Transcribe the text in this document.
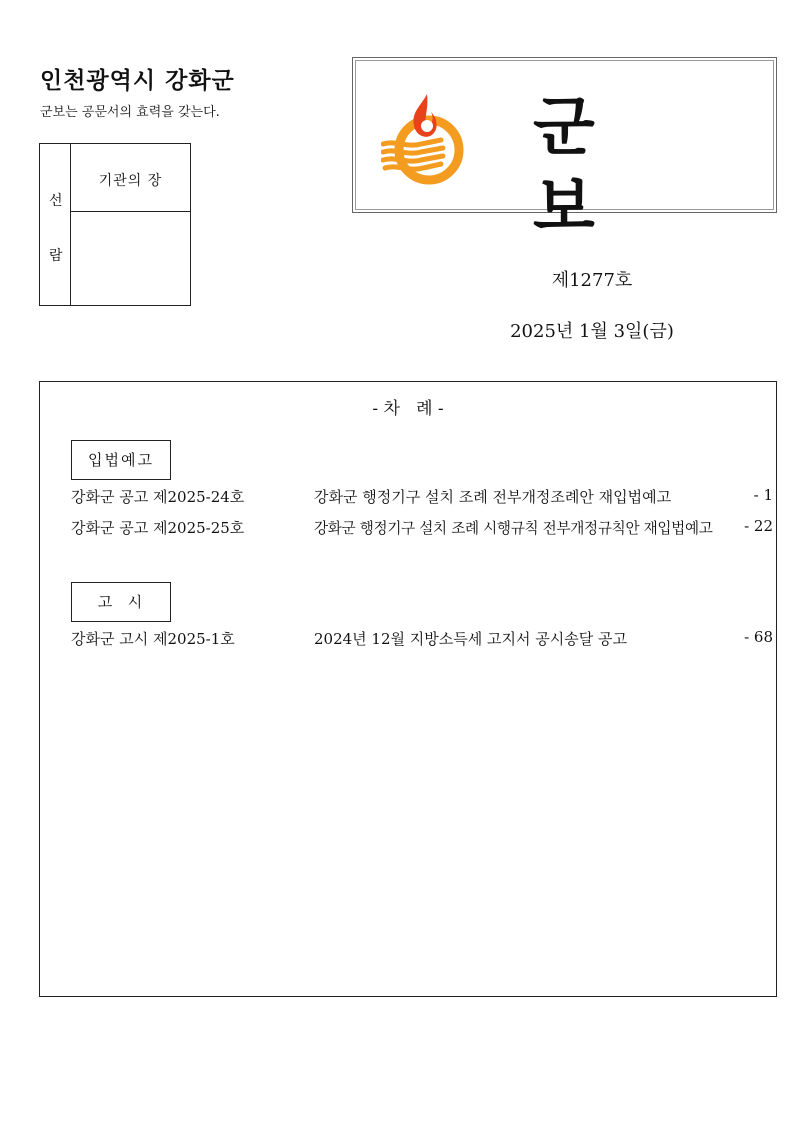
인천광역시 강화군
군보는 공문서의 효력을 갖는다.
선
람
기관의 장
군보
제1277호
2025년 1월 3일(금)
- 차   례 -
입법예고
강화군 공고 제2025-24호	강화군 행정기구 설치 조례 전부개정조례안 재입법예고	- 1
강화군 공고 제2025-25호	강화군 행정기구 설치 조례 시행규칙 전부개정규칙안 재입법예고 - 22
고  시
강화군 고시 제2025-1호	2024년 12월 지방소득세 고지서 공시송달 공고	- 68
